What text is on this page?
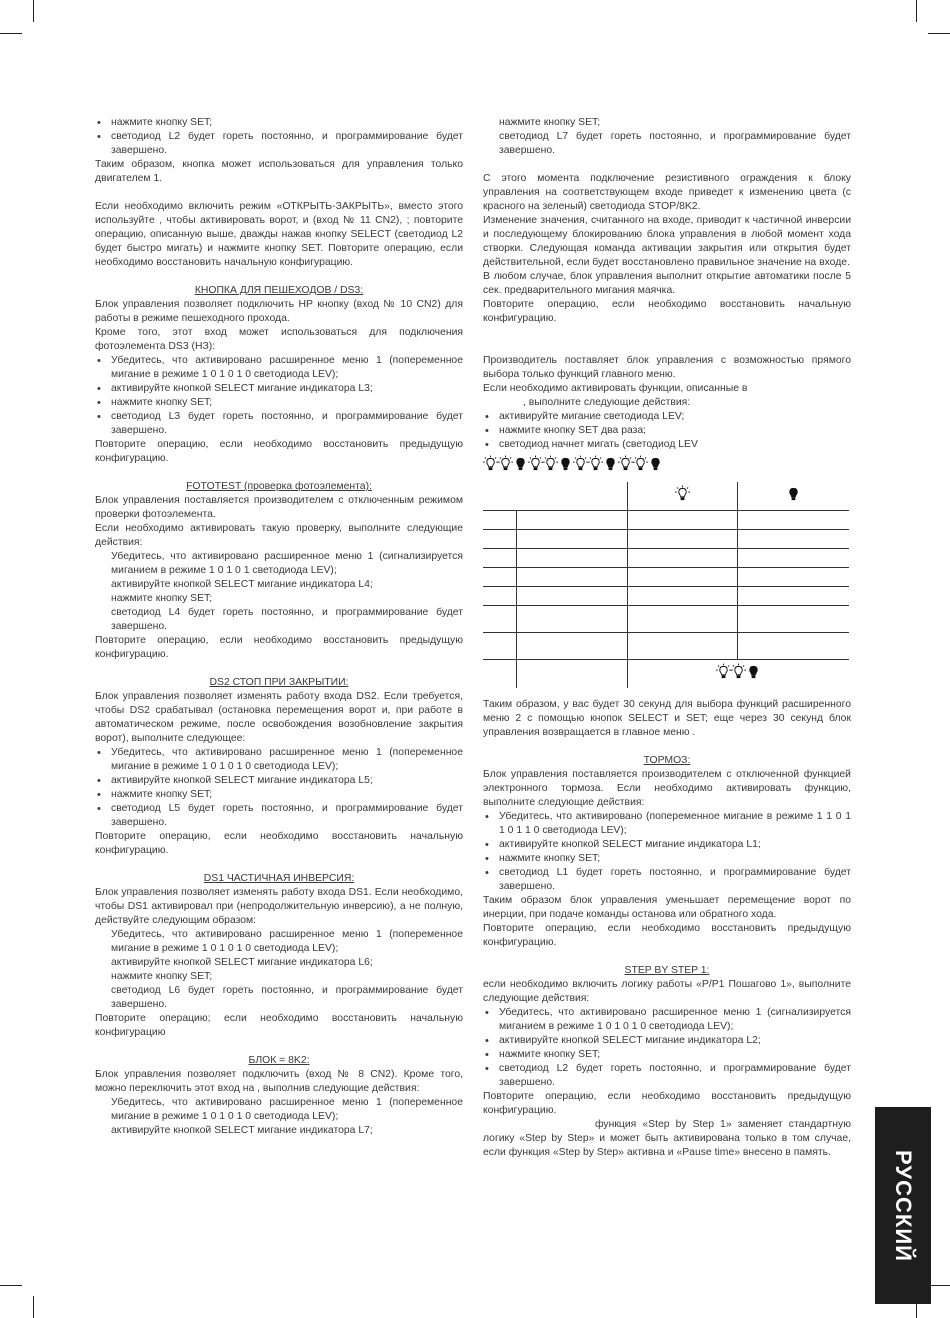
• нажмите кнопку SET;
• светодиод L2 будет гореть постоянно, и программирование будет завершено.

Таким образом, кнопка может использоваться для управления только двигателем 1.

Если необходимо включить режим «ОТКРЫТЬ-ЗАКРЫТЬ», вместо этого используйте , чтобы активировать ворот, и (вход № 11 CN2), ; повторите операцию, описанную выше, дважды нажав кнопку SELECT (светодиод L2 будет быстро мигать) и нажмите кнопку SET. Повторите операцию, если необходимо восстановить начальную конфигурацию.

КНОПКА ДЛЯ ПЕШЕХОДОВ / DS3:

Блок управления позволяет подключить НР кнопку (вход № 10 CN2) для работы в режиме пешеходного прохода.

Кроме того, этот вход может использоваться для подключения фотоэлемента DS3 (НЗ):

• Убедитесь, что активировано расширенное меню 1 (попеременное мигание в режиме 1 0 1 0 1 0 светодиода LEV);
• активируйте кнопкой SELECT мигание индикатора L3;
• нажмите кнопку SET;
• светодиод L3 будет гореть постоянно, и программирование будет завершено.

Повторите операцию, если необходимо восстановить предыдущую конфигурацию.

FOTOTEST (проверка фотоэлемента):

Блок управления поставляется производителем с отключенным режимом проверки фотоэлемента.

Если необходимо активировать такую проверку, выполните следующие действия:

Убедитесь, что активировано расширенное меню 1 (сигнализируется миганием в режиме 1 0 1 0 1 светодиода LEV);
активируйте кнопкой SELECT мигание индикатора L4;
нажмите кнопку SET;
светодиод L4 будет гореть постоянно, и программирование будет завершено.

Повторите операцию, если необходимо восстановить предыдущую конфигурацию.

DS2 СТОП ПРИ ЗАКРЫТИИ:

Блок управления позволяет изменять работу входа DS2. Если требуется, чтобы DS2 срабатывал (остановка перемещения ворот и, при работе в автоматическом режиме, после освобождения возобновление закрытия ворот), выполните следующее:

• Убедитесь, что активировано расширенное меню 1 (попеременное мигание в режиме 1 0 1 0 1 0 светодиода LEV);
• активируйте кнопкой SELECT мигание индикатора L5;
• нажмите кнопку SET;
• светодиод L5 будет гореть постоянно, и программирование будет завершено.

Повторите операцию, если необходимо восстановить начальную конфигурацию.

DS1 ЧАСТИЧНАЯ ИНВЕРСИЯ:

Блок управления позволяет изменять работу входа DS1. Если необходимо, чтобы DS1 активировал при (непродолжительную инверсию), а не полную, действуйте следующим образом:

Убедитесь, что активировано расширенное меню 1 (попеременное мигание в режиме 1 0 1 0 1 0 светодиода LEV);
активируйте кнопкой SELECT мигание индикатора L6;
нажмите кнопку SET;
светодиод L6 будет гореть постоянно, и программирование будет завершено.

Повторите операцию; если необходимо восстановить начальную конфигурацию

БЛОК = 8K2:

Блок управления позволяет подключить (вход № 8 CN2). Кроме того, можно переключить этот вход на , выполнив следующие действия:

Убедитесь, что активировано расширенное меню 1 (попеременное мигание в режиме 1 0 1 0 1 0 светодиода LEV);
активируйте кнопкой SELECT мигание индикатора L7;
нажмите кнопку SET;
светодиод L7 будет гореть постоянно, и программирование будет завершено.

С этого момента подключение резистивного ограждения к блоку управления на соответствующем входе приведет к изменению цвета (с красного на зеленый) светодиода STOP/8K2.

Изменение значения, считанного на входе, приводит к частичной инверсии и последующему блокированию блока управления в любой момент хода створки. Следующая команда активации закрытия или открытия будет действительной, если будет восстановлено правильное значение на входе.

В любом случае, блок управления выполнит открытие автоматики после 5 сек. предварительного мигания маячка.

Повторите операцию, если необходимо восстановить начальную конфигурацию.

Производитель поставляет блок управления с возможностью прямого выбора только функций главного меню.

Если необходимо активировать функции, описанные в

, выполните следующие действия:

• активируйте мигание светодиода LEV;
• нажмите кнопку SET два раза;
• светодиод начнет мигать (светодиод LEV

Таким образом, у вас будет 30 секунд для выбора функций расширенного меню 2 с помощью кнопок SELECT и SET; еще через 30 секунд блок управления возвращается в главное меню .

ТОРМОЗ:

Блок управления поставляется производителем с отключенной функцией электронного тормоза. Если необходимо активировать функцию, выполните следующие действия:

• Убедитесь, что активировано (попеременное мигание в режиме 1 1 0 1 1 0 1 1 0 светодиода LEV);
• активируйте кнопкой SELECT мигание индикатора L1;
• нажмите кнопку SET;
• светодиод L1 будет гореть постоянно, и программирование будет завершено.

Таким образом блок управления уменьшает перемещение ворот по инерции, при подаче команды останова или обратного хода.

Повторите операцию, если необходимо восстановить предыдущую конфигурацию.

STEP BY STEP 1:

если необходимо включить логику работы «P/P1 Пошагово 1», выполните следующие действия:

• Убедитесь, что активировано расширенное меню 1 (сигнализируется миганием в режиме 1 0 1 0 1 0 светодиода LEV);
• активируйте кнопкой SELECT мигание индикатора L2;
• нажмите кнопку SET;
• светодиод L2 будет гореть постоянно, и программирование будет завершено.

Повторите операцию, если необходимо восстановить предыдущую конфигурацию.

функция «Step by Step 1» заменяет стандартную логику «Step by Step» и может быть активирована только в том случае, если функция «Step by Step» активна и «Pause time» внесено в память.	РУССКИЙ
